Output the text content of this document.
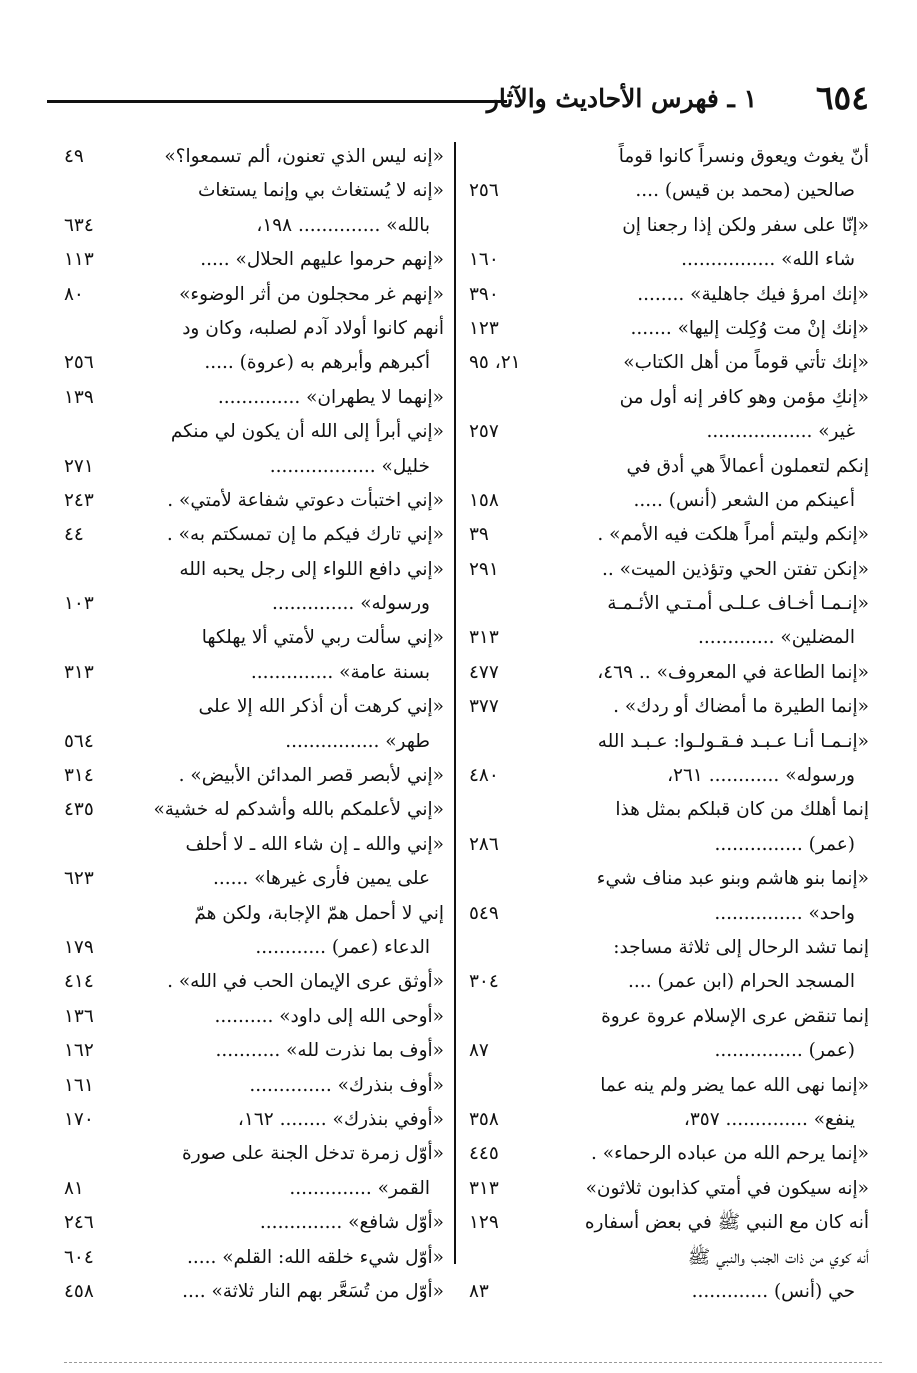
٦٥٤
١ ـ فهرس الأحاديث والآثار
أنّ يغوث ويعوق ونسراً كانوا قوماً
صالحين (محمد بن قيس) ....
٢٥٦
«إنّا على سفر ولكن إذا رجعنا إن
شاء الله» ................
١٦٠
«إنك امرؤ فيك جاهلية» ........
٣٩٠
«إنك إنْ مت وُكِلت إليها» .......
١٢٣
«إنك تأتي قوماً من أهل الكتاب»
٢١، ٩٥
«إنكِ مؤمن وهو كافر إنه أول من
غير» ..................
٢٥٧
إنكم لتعملون أعمالاً هي أدق في
أعينكم من الشعر (أنس) .....
١٥٨
«إنكم وليتم أمراً هلكت فيه الأمم» .
٣٩
«إنكن تفتن الحي وتؤذين الميت» ..
٢٩١
«إنـمـا أخـاف عـلـى أمـتـي الأئـمـة
المضلين» .............
٣١٣
«إنما الطاعة في المعروف» .. ٤٦٩،
٤٧٧
«إنما الطيرة ما أمضاك أو ردك» .
٣٧٧
«إنـمـا أنـا عـبـد فـقـولـوا: عـبـد الله
ورسوله» ............ ٢٦١،
٤٨٠
إنما أهلك من كان قبلكم بمثل هذا
(عمر) ...............
٢٨٦
«إنما بنو هاشم وبنو عبد مناف شيء
واحد» ...............
٥٤٩
إنما تشد الرحال إلى ثلاثة مساجد:
المسجد الحرام (ابن عمر) ....
٣٠٤
إنما تنقض عرى الإسلام عروة عروة
(عمر) ...............
٨٧
«إنما نهى الله عما يضر ولم ينه عما
ينفع» .............. ٣٥٧،
٣٥٨
«إنما يرحم الله من عباده الرحماء» .
٤٤٥
«إنه سيكون في أمتي كذابون ثلاثون»
٣١٣
أنه كان مع النبي ﷺ في بعض أسفاره
١٢٩
أنه كوي من ذات الجنب والنبي ﷺ
حي (أنس) .............
٨٣
«إنه ليس الذي تعنون، ألم تسمعوا؟»
٤٩
«إنه لا يُستغاث بي وإنما يستغاث
بالله» .............. ١٩٨،
٦٣٤
«إنهم حرموا عليهم الحلال» .....
١١٣
«إنهم غر محجلون من أثر الوضوء»
٨٠
أنهم كانوا أولاد آدم لصلبه، وكان ود
أكبرهم وأبرهم به (عروة) .....
٢٥٦
«إنهما لا يطهران» ..............
١٣٩
«إني أبرأ إلى الله أن يكون لي منكم
خليل» ..................
٢٧١
«إني اختبأت دعوتي شفاعة لأمتي» .
٢٤٣
«إني تارك فيكم ما إن تمسكتم به» .
٤٤
«إني دافع اللواء إلى رجل يحبه الله
ورسوله» ..............
١٠٣
«إني سألت ربي لأمتي ألا يهلكها
بسنة عامة» ..............
٣١٣
«إني كرهت أن أذكر الله إلا على
طهر» ................
٥٦٤
«إني لأبصر قصر المدائن الأبيض» .
٣١٤
«إني لأعلمكم بالله وأشدكم له خشية»
٤٣٥
«إني والله ـ إن شاء الله ـ لا أحلف
على يمين فأرى غيرها» ......
٦٢٣
إني لا أحمل همّ الإجابة، ولكن همّ
الدعاء (عمر) ............
١٧٩
«أوثق عرى الإيمان الحب في الله» .
٤١٤
«أوحى الله إلى داود» ..........
١٣٦
«أوف بما نذرت لله» ...........
١٦٢
«أوف بنذرك» ..............
١٦١
«أوفي بنذرك» ........ ١٦٢،
١٧٠
«أوّل زمرة تدخل الجنة على صورة
القمر» ..............
٨١
«أوّل شافع» ..............
٢٤٦
«أوّل شيء خلقه الله: القلم» .....
٦٠٤
«أوّل من تُسَعَّر بهم النار ثلاثة» ....
٤٥٨
